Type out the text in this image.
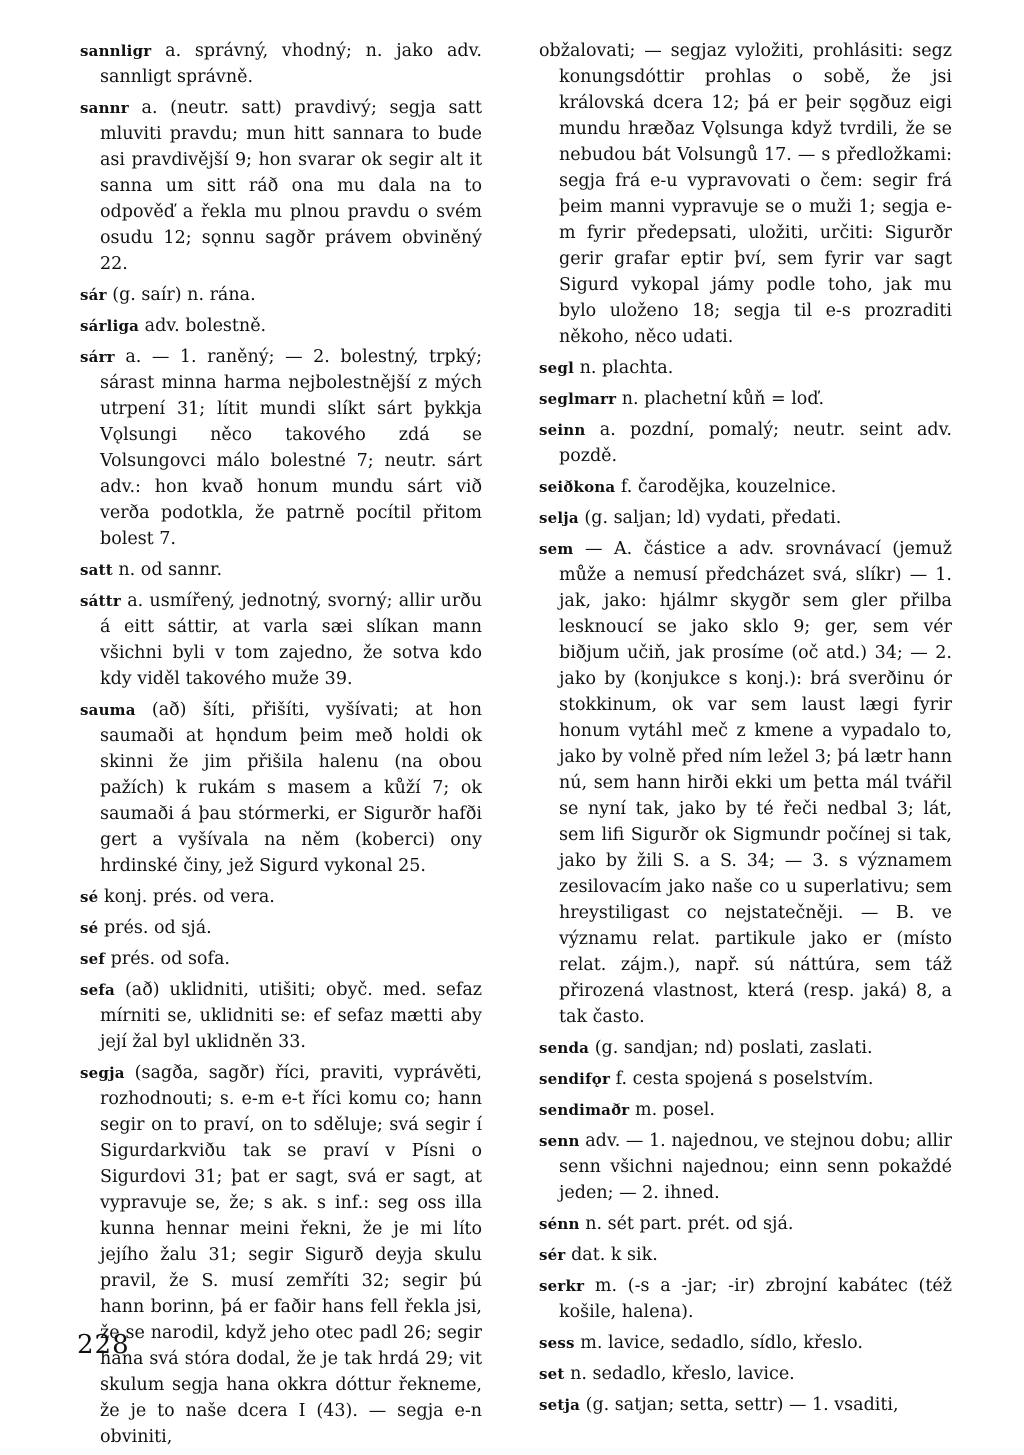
sannligr a. správný, vhodný; n. jako adv. sannligt správně.

sannr a. (neutr. satt) pravdivý; segja satt mluviti pravdu; mun hitt sannara to bude asi pravdivější 9; hon svarar ok segir alt it sanna um sitt ráð ona mu dala na to odpověď a řekla mu plnou pravdu o svém osudu 12; sǫnnu sagðr právem obviněný 22.

sár (g. saír) n. rána.

sárliga adv. bolestně.

sárr a. — 1. raněný; — 2. bolestný, trpký; sárast minna harma nejbolestnější z mých utrpení 31; lítit mundi slíkt sárt þykkja Vǫlsungi něco takového zdá se Volsungovci málo bolestné 7; neutr. sárt adv.: hon kvað honum mundu sárt við verða podotkla, že patrně pocítil přitom bolest 7.

satt n. od sannr.

sáttr a. usmířený, jednotný, svorný; allir urðu á eitt sáttir, at varla sæi slíkan mann všichni byli v tom zajedno, že sotva kdo kdy viděl takového muže 39.

sauma (að) šíti, přišíti, vyšívati; at hon saumaði at hǫndum þeim með holdi ok skinni že jim přišila halenu (na obou pažích) k rukám s masem a kůží 7; ok saumaði á þau stórmerki, er Sigurðr hafði gert a vyšívala na něm (koberci) ony hrdinské činy, jež Sigurd vykonal 25.

sé konj. prés. od vera.

sé prés. od sjá.

sef prés. od sofa.

sefa (að) uklidniti, utišiti; obyč. med. sefaz mírniti se, uklidniti se: ef sefaz mætti aby její žal byl uklidněn 33.

segja (sagða, sagðr) říci, praviti, vyprávěti, rozhodnouti; s. e-m e-t říci komu co; hann segir on to praví, on to sděluje; svá segir í Sigurdarkviðu tak se praví v Písni o Sigurdovi 31; þat er sagt, svá er sagt, at vypravuje se, že; s ak. s inf.: seg oss illa kunna hennar meini řekni, že je mi líto jejího žalu 31; segir Sigurð deyja skulu pravil, že S. musí zemříti 32; segir þú hann borinn, þá er faðir hans fell řekla jsi, že se narodil, když jeho otec padl 26; segir hana svá stóra dodal, že je tak hrdá 29; vit skulum segja hana okkra dóttur řekneme, že je to naše dcera I (43). — segja e-n obviniti,

obžalovati; — segjaz vyložiti, prohlásiti: segz konungsdóttir prohlas o sobě, že jsi královská dcera 12; þá er þeir sǫgðuz eigi mundu hræðaz Vǫlsunga když tvrdili, že se nebudou bát Volsungů 17. — s předložkami: segja frá e-u vypravovati o čem: segir frá þeim manni vypravuje se o muži 1; segja e-m fyrir předepsati, uložiti, určiti: Sigurðr gerir grafar eptir því, sem fyrir var sagt Sigurd vykopal jámy podle toho, jak mu bylo uloženo 18; segja til e-s prozraditi někoho, něco udati.

segl n. plachta.

seglmarr n. plachetní kůň = loď.

seinn a. pozdní, pomalý; neutr. seint adv. pozdě.

seiðkona f. čarodějka, kouzelnice.

selja (g. saljan; ld) vydati, předati.

sem — A. částice a adv. srovnávací (jemuž může a nemusí předcházet svá, slíkr) — 1. jak, jako: hjálmr skygðr sem gler přilba lesknoucí se jako sklo 9; ger, sem vér biðjum učiň, jak prosíme (oč atd.) 34; — 2. jako by (konjukce s konj.): brá sverðinu ór stokkinum, ok var sem laust lægi fyrir honum vytáhl meč z kmene a vypadalo to, jako by volně před ním ležel 3; þá lætr hann nú, sem hann hirði ekki um þetta mál tvářil se nyní tak, jako by té řeči nedbal 3; lát, sem lifi Sigurðr ok Sigmundr počínej si tak, jako by žili S. a S. 34; — 3. s významem zesilovacím jako naše co u superlativu; sem hreystiligast co nejstatečněji. — B. ve významu relat. partikule jako er (místo relat. zájm.), např. sú náttúra, sem táž přirozená vlastnost, která (resp. jaká) 8, a tak často.

senda (g. sandjan; nd) poslati, zaslati.

sendifǫr f. cesta spojená s poselstvím.

sendimaðr m. posel.

senn adv. — 1. najednou, ve stejnou dobu; allir senn všichni najednou; einn senn pokaždé jeden; — 2. ihned.

sénn n. sét part. prét. od sjá.

sér dat. k sik.

serkr m. (-s a -jar; -ir) zbrojní kabátec (též košile, halena).

sess m. lavice, sedadlo, sídlo, křeslo.

set n. sedadlo, křeslo, lavice.

setja (g. satjan; setta, settr) — 1. vsaditi,

228
